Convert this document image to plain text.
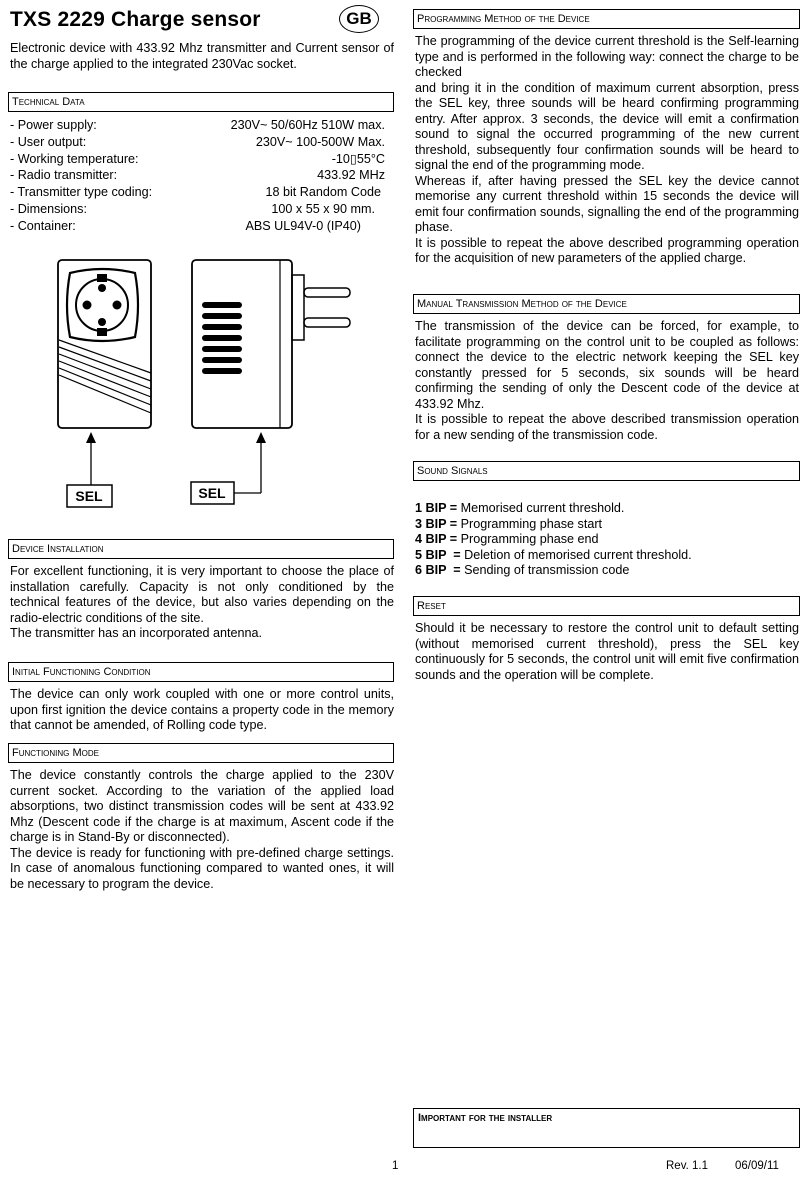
TXS 2229 Charge sensor	GB
Electronic device with 433.92 Mhz transmitter and Current sensor of the charge applied to the integrated 230Vac socket.
Technical Data
- Power supply:	230V~ 50/60Hz 510W max.
- User output:	230V~ 100-500W Max.
- Working temperature:	-10▯55°C
- Radio transmitter:	433.92 MHz
- Transmitter type coding:	18 bit Random Code
- Dimensions:	100 x 55 x 90 mm.
- Container:	ABS UL94V-0 (IP40)
SEL	SEL
Device Installation
For excellent functioning, it is very important to choose the place of installation carefully. Capacity is not only conditioned by the technical features of the device, but also varies depending on the radio-electric conditions of the site.
The transmitter has an incorporated antenna.
Initial Functioning Condition
The device can only work coupled with one or more control units, upon first ignition the device contains a property code in the memory that cannot be amended, of Rolling code type.
Functioning Mode
The device constantly controls the charge applied to the 230V current socket. According to the variation of the applied load absorptions, two distinct transmission codes will be sent at 433.92 Mhz (Descent code if the charge is at maximum, Ascent code if the charge is in Stand-By or disconnected).
The device is ready for functioning with pre-defined charge settings. In case of anomalous functioning compared to wanted ones, it will be necessary to program the device.
Programming Method of the Device
The programming of the device current threshold is the Self-learning type and is performed in the following way: connect the charge to be checked
and bring it in the condition of maximum current absorption, press the SEL key, three sounds will be heard confirming programming entry. After approx. 3 seconds, the device will emit a confirmation sound to signal the occurred programming of the new current threshold, subsequently four confirmation sounds will be heard to signal the end of the programming mode.
Whereas if, after having pressed the SEL key the device cannot memorise any current threshold within 15 seconds the device will emit four confirmation sounds, signalling the end of the programming phase.
It is possible to repeat the above described programming operation for the acquisition of new parameters of the applied charge.
Manual Transmission Method of the Device
The transmission of the device can be forced, for example, to facilitate programming on the control unit to be coupled as follows: connect the device to the electric network keeping the SEL key constantly pressed for 5 seconds, six sounds will be heard confirming the sending of only the Descent code of the device at 433.92 Mhz.
It is possible to repeat the above described transmission operation for a new sending of the transmission code.
Sound Signals
1 BIP = Memorised current threshold.
3 BIP = Programming phase start
4 BIP = Programming phase end
5 BIP  = Deletion of memorised current threshold.
6 BIP  = Sending of transmission code
Reset
Should it be necessary to restore the control unit to default setting (without memorised current threshold), press the SEL key continuously for 5 seconds, the control unit will emit five confirmation sounds and the operation will be complete.
Important for the installer
1	Rev. 1.1 06/09/11
